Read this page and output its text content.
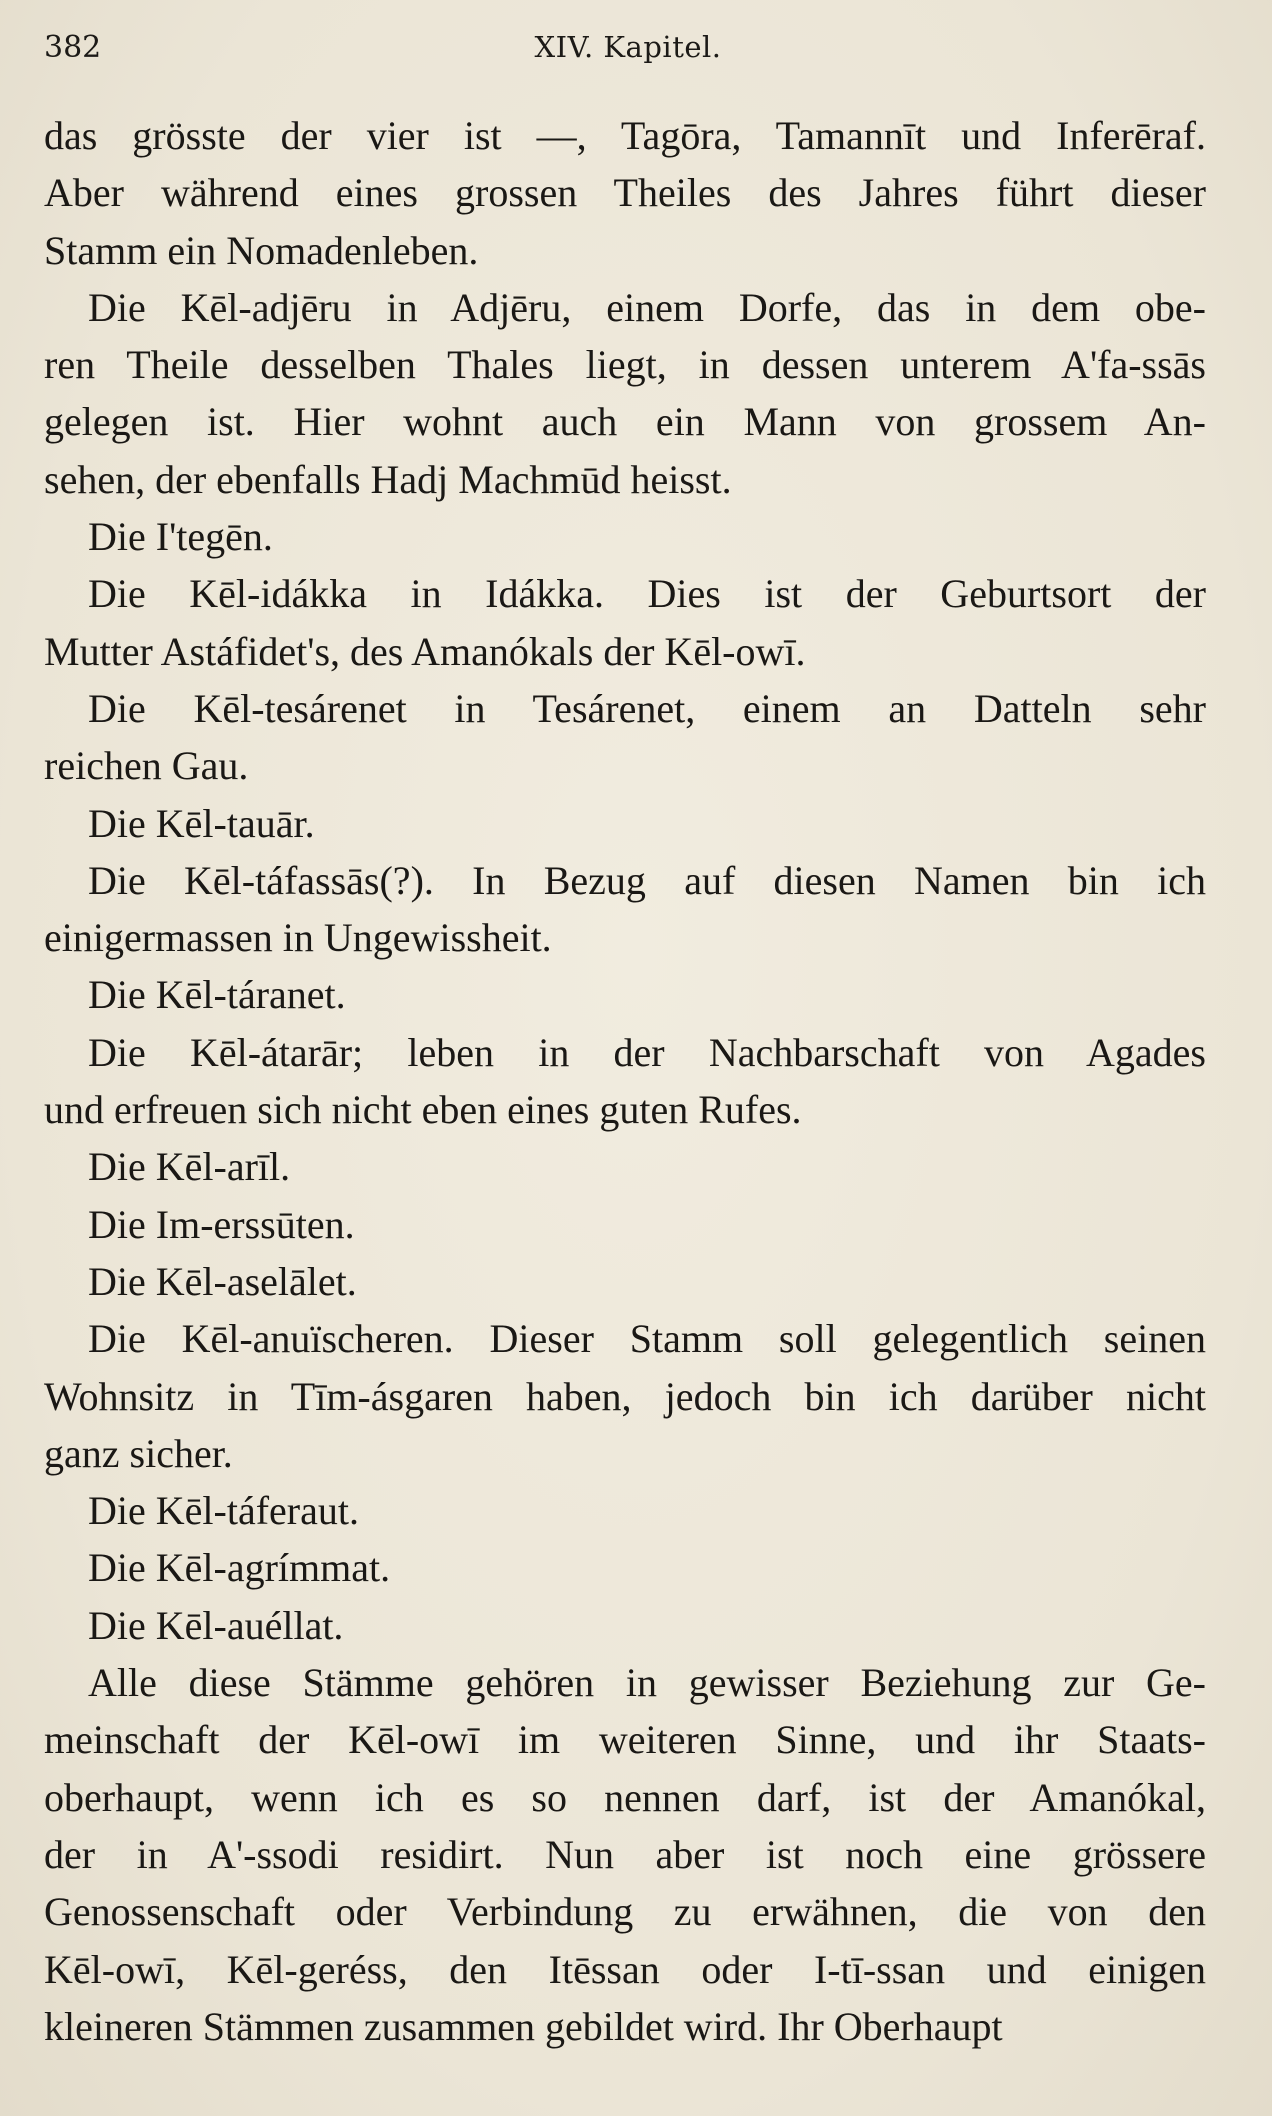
382	XIV. Kapitel.
das grösste der vier ist —, Tagōra, Tamannīt und Inferēraf.
Aber während eines grossen Theiles des Jahres führt dieser
Stamm ein Nomadenleben.
Die Kēl-adjēru in Adjēru, einem Dorfe, das in dem obe-
ren Theile desselben Thales liegt, in dessen unterem A'fa-ssās
gelegen ist. Hier wohnt auch ein Mann von grossem An-
sehen, der ebenfalls Hadj Machmūd heisst.
Die I'tegēn.
Die Kēl-idákka in Idákka. Dies ist der Geburtsort der
Mutter Astáfidet's, des Amanókals der Kēl-owī.
Die Kēl-tesárenet in Tesárenet, einem an Datteln sehr
reichen Gau.
Die Kēl-tauār.
Die Kēl-táfassās(?). In Bezug auf diesen Namen bin ich
einigermassen in Ungewissheit.
Die Kēl-táranet.
Die Kēl-átarār; leben in der Nachbarschaft von Agades
und erfreuen sich nicht eben eines guten Rufes.
Die Kēl-arīl.
Die Im-erssūten.
Die Kēl-aselālet.
Die Kēl-anuïscheren. Dieser Stamm soll gelegentlich seinen
Wohnsitz in Tīm-ásgaren haben, jedoch bin ich darüber nicht
ganz sicher.
Die Kēl-táferaut.
Die Kēl-agrímmat.
Die Kēl-auéllat.
Alle diese Stämme gehören in gewisser Beziehung zur Ge-
meinschaft der Kēl-owī im weiteren Sinne, und ihr Staats-
oberhaupt, wenn ich es so nennen darf, ist der Amanókal,
der in A'-ssodi residirt. Nun aber ist noch eine grössere
Genossenschaft oder Verbindung zu erwähnen, die von den
Kēl-owī, Kēl-geréss, den Itēssan oder I-tī-ssan und einigen
kleineren Stämmen zusammen gebildet wird. Ihr Oberhaupt
